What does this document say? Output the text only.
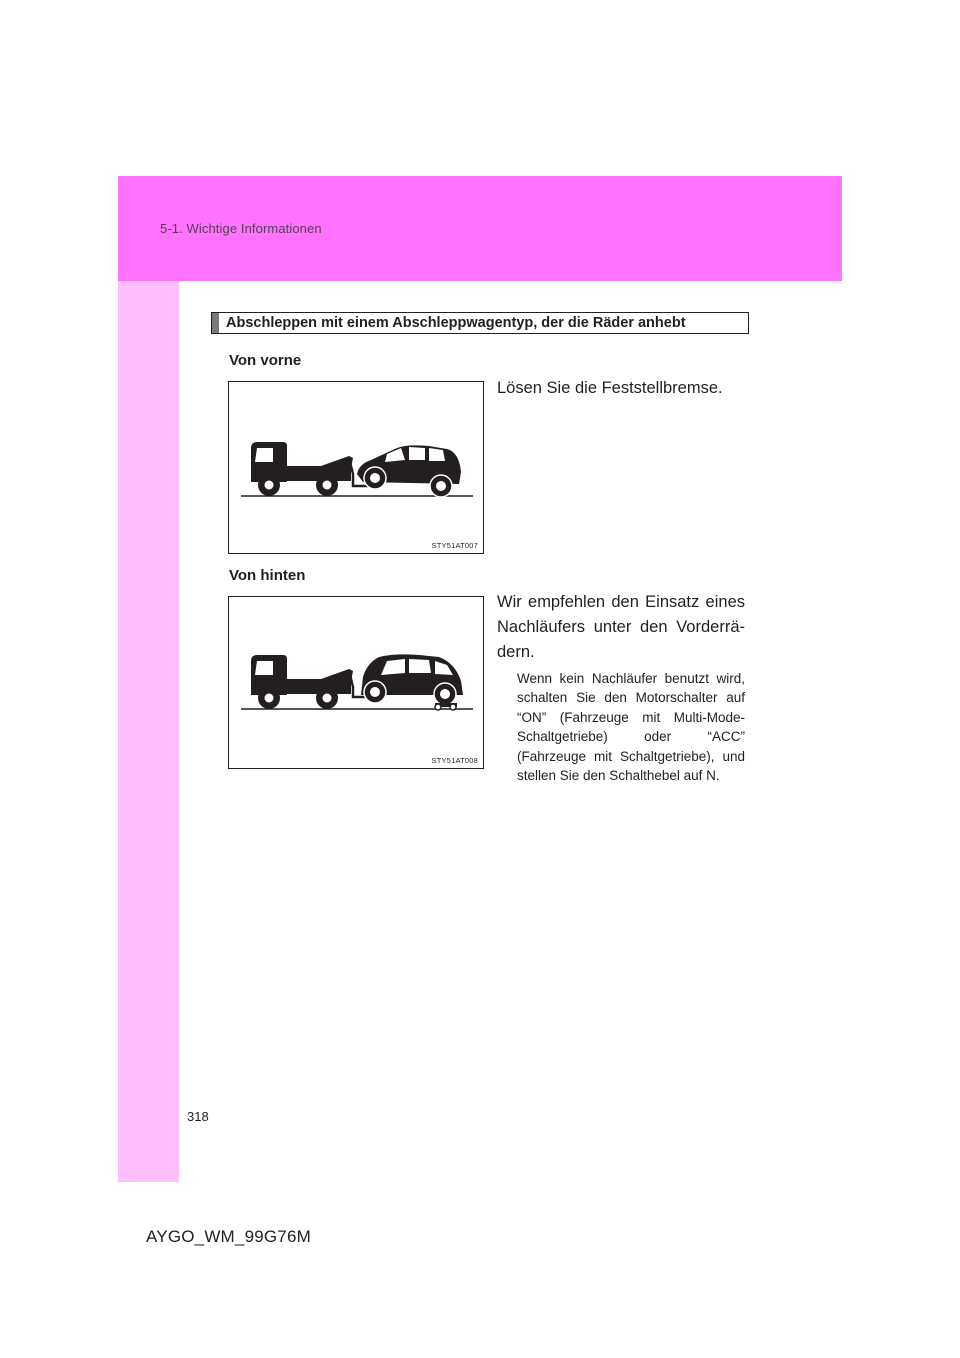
5-1. Wichtige Informationen
Abschleppen mit einem Abschleppwagentyp, der die Räder anhebt
Von vorne
STY51AT007
Lösen Sie die Feststellbremse.
Von hinten
STY51AT008
Wir empfehlen den Einsatz eines Nachläufers unter den Vorderrädern.
Wenn kein Nachläufer benutzt wird, schalten Sie den Motorschalter auf “ON” (Fahrzeuge mit Multi-Mode-Schaltgetriebe) oder “ACC” (Fahrzeuge mit Schaltgetriebe), und stellen Sie den Schalthebel auf N.
318
AYGO_WM_99G76M
